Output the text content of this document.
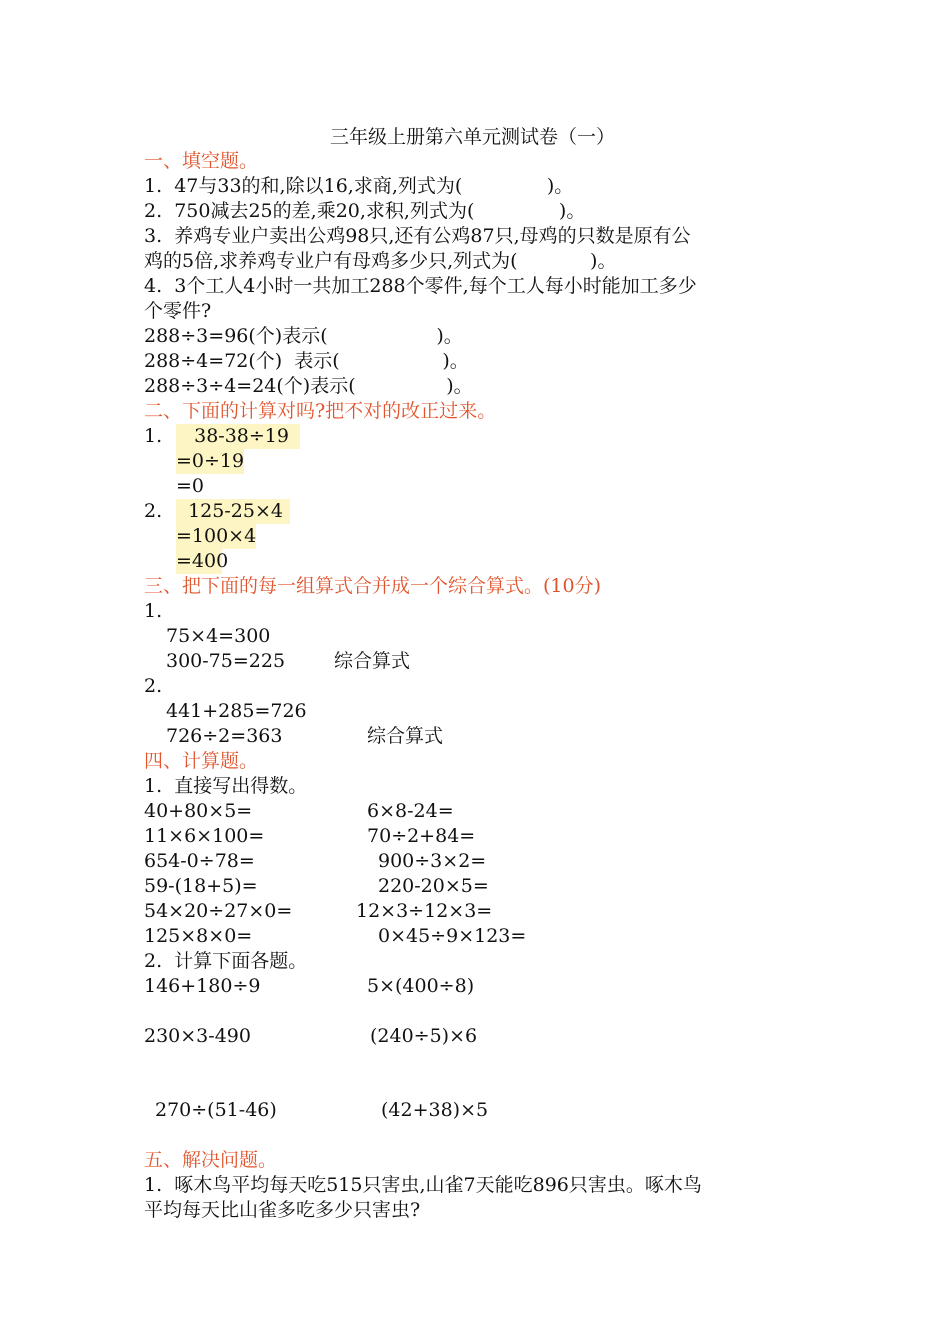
三年级上册第六单元测试卷（一）
一、填空题。
1.  47与33的和,除以16,求商,列式为(              )。
2.  750减去25的差,乘20,求积,列式为(              )。
3.  养鸡专业户卖出公鸡98只,还有公鸡87只,母鸡的只数是原有公
鸡的5倍,求养鸡专业户有母鸡多少只,列式为(            )。
4.  3个工人4小时一共加工288个零件,每个工人每小时能加工多少
个零件?
288÷3=96(个)表示(                  )。
288÷4=72(个)  表示(                 )。
288÷3÷4=24(个)表示(               )。
二、下面的计算对吗?把不对的改正过来。
1. 38-38÷19
=0÷19
=0
2. 125-25×4
=100×4
=400
三、把下面的每一组算式合并成一个综合算式。(10分)
1.
75×4=300
300-75=225	综合算式
2.
441+285=726
726÷2=363	综合算式
四、计算题。
1.  直接写出得数。
40+80×5=	6×8-24=
11×6×100=	70÷2+84=
654-0÷78=	900÷3×2=
59-(18+5)=	220-20×5=
54×20÷27×0=	12×3÷12×3=
125×8×0=	0×45÷9×123=
2.  计算下面各题。
146+180÷9	5×(400÷8)
230×3-490	(240÷5)×6
270÷(51-46)	(42+38)×5
五、解决问题。
1.  啄木鸟平均每天吃515只害虫,山雀7天能吃896只害虫。啄木鸟
平均每天比山雀多吃多少只害虫?
